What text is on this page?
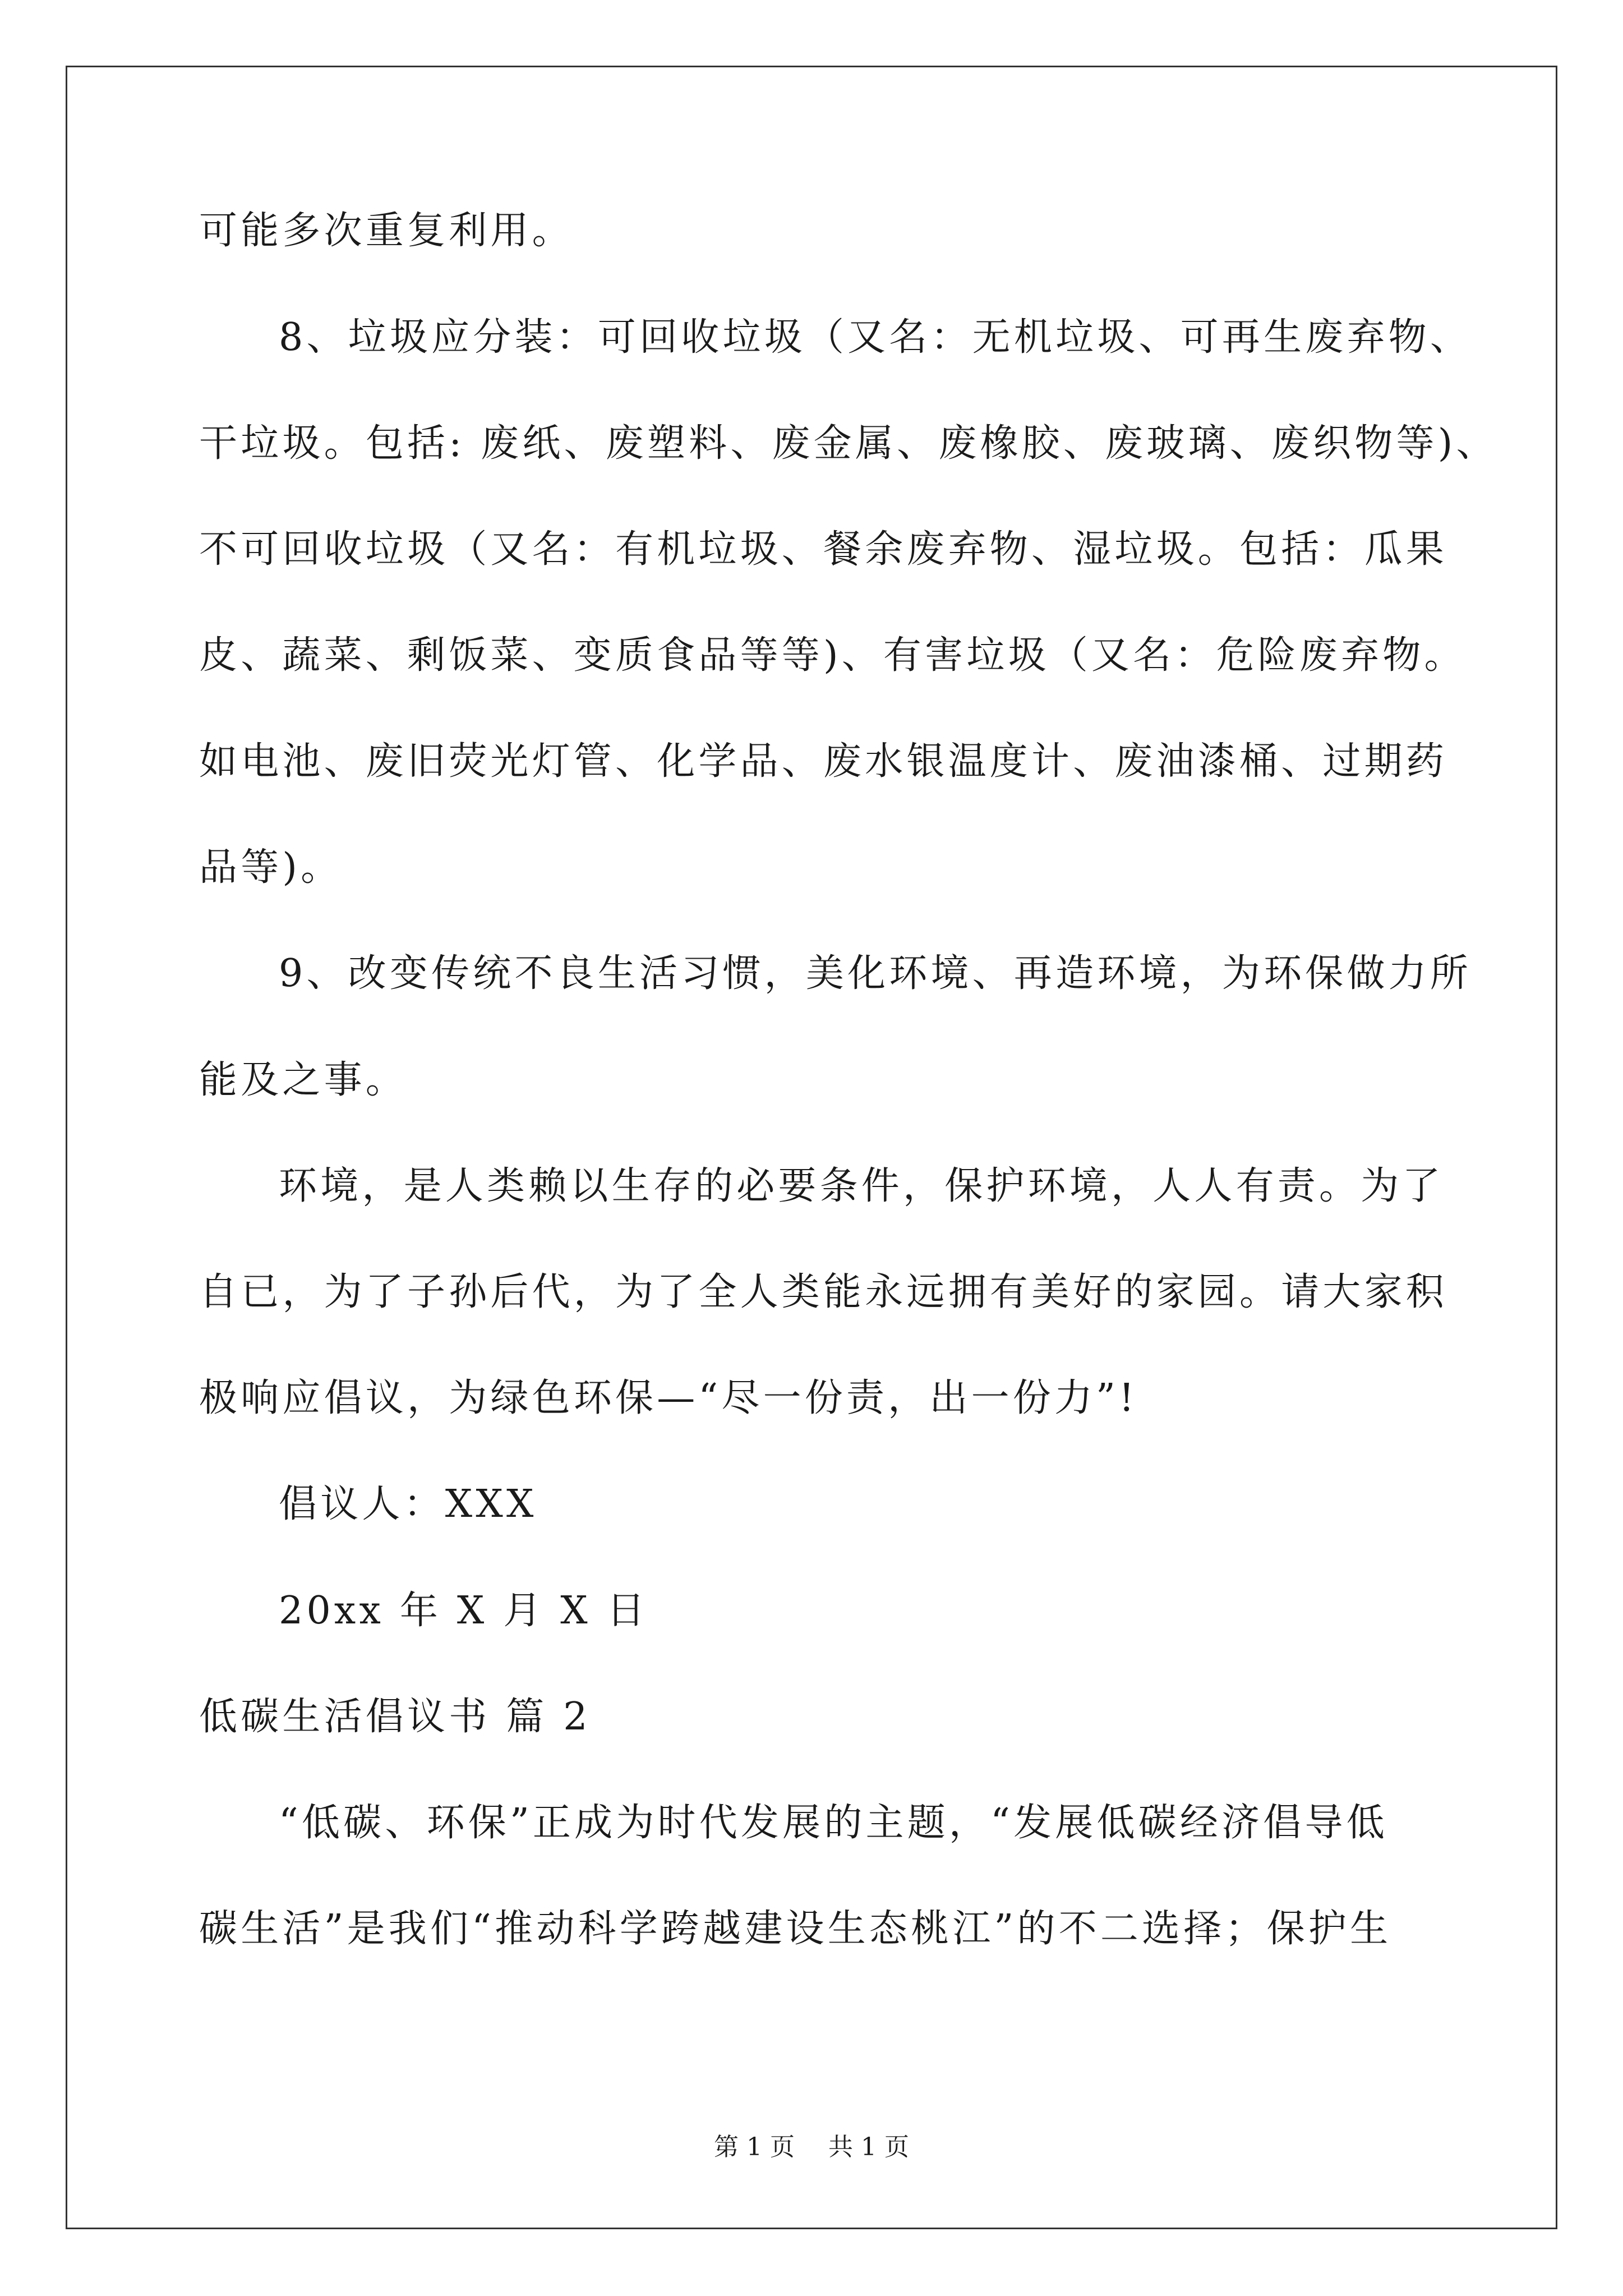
可能多次重复利用。
8、垃圾应分装：可回收垃圾（又名：无机垃圾、可再生废弃物、
干垃圾。包括: 废纸、废塑料、废金属、废橡胶、废玻璃、废织物等)、
不可回收垃圾（又名：有机垃圾、餐余废弃物、湿垃圾。包括：瓜果
皮、蔬菜、剩饭菜、变质食品等等)、有害垃圾（又名：危险废弃物。
如电池、废旧荧光灯管、化学品、废水银温度计、废油漆桶、过期药
品等)。
9、改变传统不良生活习惯，美化环境、再造环境，为环保做力所
能及之事。
环境，是人类赖以生存的必要条件，保护环境，人人有责。为了
自已，为了子孙后代，为了全人类能永远拥有美好的家园。请大家积
极响应倡议，为绿色环保—“尽一份责，出一份力”!
倡议人：XXX
20xx 年 X 月 X 日
低碳生活倡议书 篇 2
“低碳、环保”正成为时代发展的主题，“发展低碳经济倡导低
碳生活”是我们“推动科学跨越建设生态桃江”的不二选择；保护生
第 1 页 共 1 页
